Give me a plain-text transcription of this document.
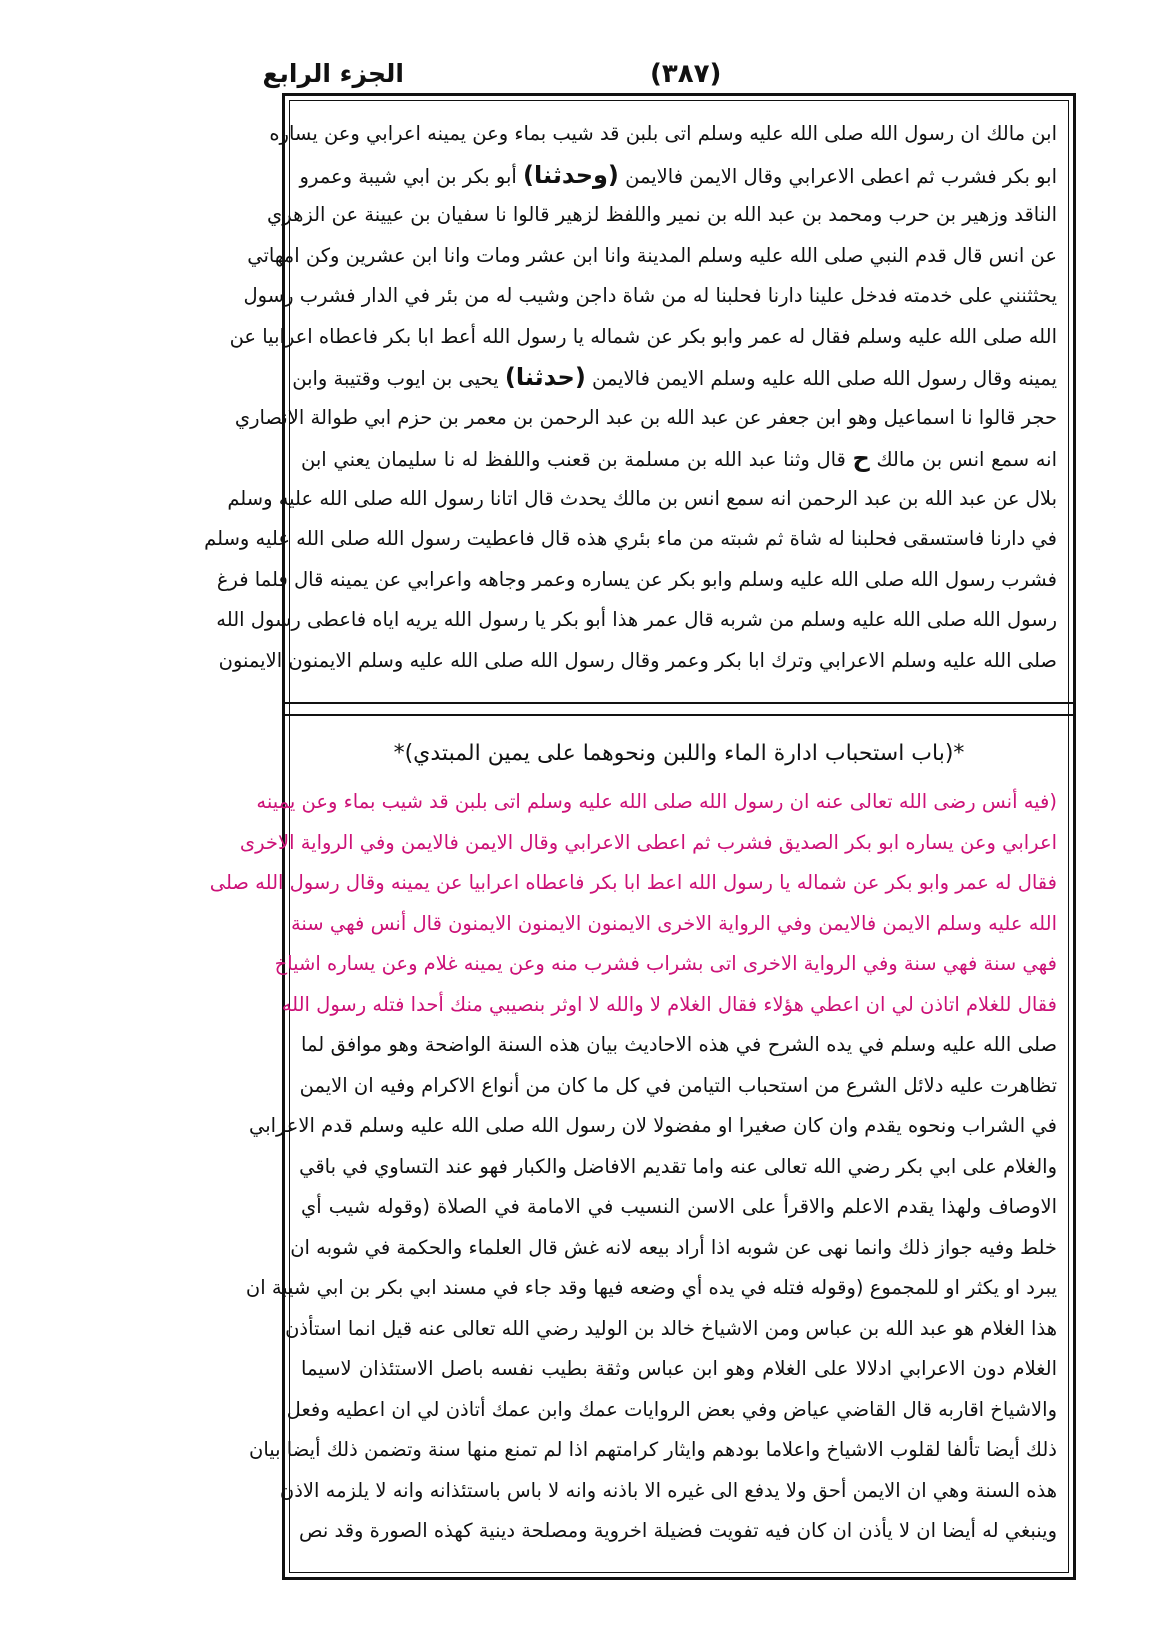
الجزء الرابع	(٣٨٧)
ابن مالك ان رسول الله صلى الله عليه وسلم اتى بلبن قد شيب بماء وعن يمينه اعرابي وعن يساره
ابو بكر فشرب ثم اعطى الاعرابي وقال الايمن فالايمن (وحدثنا) أبو بكر بن ابي شيبة وعمرو
الناقد وزهير بن حرب ومحمد بن عبد الله بن نمير واللفظ لزهير قالوا نا سفيان بن عيينة عن الزهري
عن انس قال قدم النبي صلى الله عليه وسلم المدينة وانا ابن عشر ومات وانا ابن عشرين وكن امهاتي
يحثثنني على خدمته فدخل علينا دارنا فحلبنا له من شاة داجن وشيب له من بئر في الدار فشرب رسول
الله صلى الله عليه وسلم فقال له عمر وابو بكر عن شماله يا رسول الله أعط ابا بكر فاعطاه اعرابيا عن
يمينه وقال رسول الله صلى الله عليه وسلم الايمن فالايمن (حدثنا) يحيى بن ايوب وقتيبة وابن
حجر قالوا نا اسماعيل وهو ابن جعفر عن عبد الله بن عبد الرحمن بن معمر بن حزم ابي طوالة الانصاري
انه سمع انس بن مالك ح قال وثنا عبد الله بن مسلمة بن قعنب واللفظ له نا سليمان يعني ابن
بلال عن عبد الله بن عبد الرحمن انه سمع انس بن مالك يحدث قال اتانا رسول الله صلى الله عليه وسلم
في دارنا فاستسقى فحلبنا له شاة ثم شبته من ماء بئري هذه قال فاعطيت رسول الله صلى الله عليه وسلم
فشرب رسول الله صلى الله عليه وسلم وابو بكر عن يساره وعمر وجاهه واعرابي عن يمينه قال فلما فرغ
رسول الله صلى الله عليه وسلم من شربه قال عمر هذا أبو بكر يا رسول الله يريه اياه فاعطى رسول الله
صلى الله عليه وسلم الاعرابي وترك ابا بكر وعمر وقال رسول الله صلى الله عليه وسلم الايمنون الايمنون
*(باب استحباب ادارة الماء واللبن ونحوهما على يمين المبتدي)*
(فيه أنس رضى الله تعالى عنه ان رسول الله صلى الله عليه وسلم اتى بلبن قد شيب بماء وعن يمينه
اعرابي وعن يساره ابو بكر الصديق فشرب ثم اعطى الاعرابي وقال الايمن فالايمن وفي الرواية الاخرى
فقال له عمر وابو بكر عن شماله يا رسول الله اعط ابا بكر فاعطاه اعرابيا عن يمينه وقال رسول الله صلى
الله عليه وسلم الايمن فالايمن وفي الرواية الاخرى الايمنون الايمنون الايمنون قال أنس فهي سنة
فهي سنة فهي سنة وفي الرواية الاخرى اتى بشراب فشرب منه وعن يمينه غلام وعن يساره اشياخ
فقال للغلام اتاذن لي ان اعطي هؤلاء فقال الغلام لا والله لا اوثر بنصيبي منك أحدا فتله رسول الله
صلى الله عليه وسلم في يده الشرح في هذه الاحاديث بيان هذه السنة الواضحة وهو موافق لما
تظاهرت عليه دلائل الشرع من استحباب التيامن في كل ما كان من أنواع الاكرام وفيه ان الايمن
في الشراب ونحوه يقدم وان كان صغيرا او مفضولا لان رسول الله صلى الله عليه وسلم قدم الاعرابي
والغلام على ابي بكر رضي الله تعالى عنه واما تقديم الافاضل والكبار فهو عند التساوي في باقي
الاوصاف ولهذا يقدم الاعلم والاقرأ على الاسن النسيب في الامامة في الصلاة (وقوله شيب أي
خلط وفيه جواز ذلك وانما نهى عن شوبه اذا أراد بيعه لانه غش قال العلماء والحكمة في شوبه ان
يبرد او يكثر او للمجموع (وقوله فتله في يده أي وضعه فيها وقد جاء في مسند ابي بكر بن ابي شيبة ان
هذا الغلام هو عبد الله بن عباس ومن الاشياخ خالد بن الوليد رضي الله تعالى عنه قيل انما استأذن
الغلام دون الاعرابي ادلالا على الغلام وهو ابن عباس وثقة بطيب نفسه باصل الاستئذان لاسيما
والاشياخ اقاربه قال القاضي عياض وفي بعض الروايات عمك وابن عمك أتاذن لي ان اعطيه وفعل
ذلك أيضا تألفا لقلوب الاشياخ واعلاما بودهم وايثار كرامتهم اذا لم تمنع منها سنة وتضمن ذلك أيضا بيان
هذه السنة وهي ان الايمن أحق ولا يدفع الى غيره الا باذنه وانه لا باس باستئذانه وانه لا يلزمه الاذن
وينبغي له أيضا ان لا يأذن ان كان فيه تفويت فضيلة اخروية ومصلحة دينية كهذه الصورة وقد نص
